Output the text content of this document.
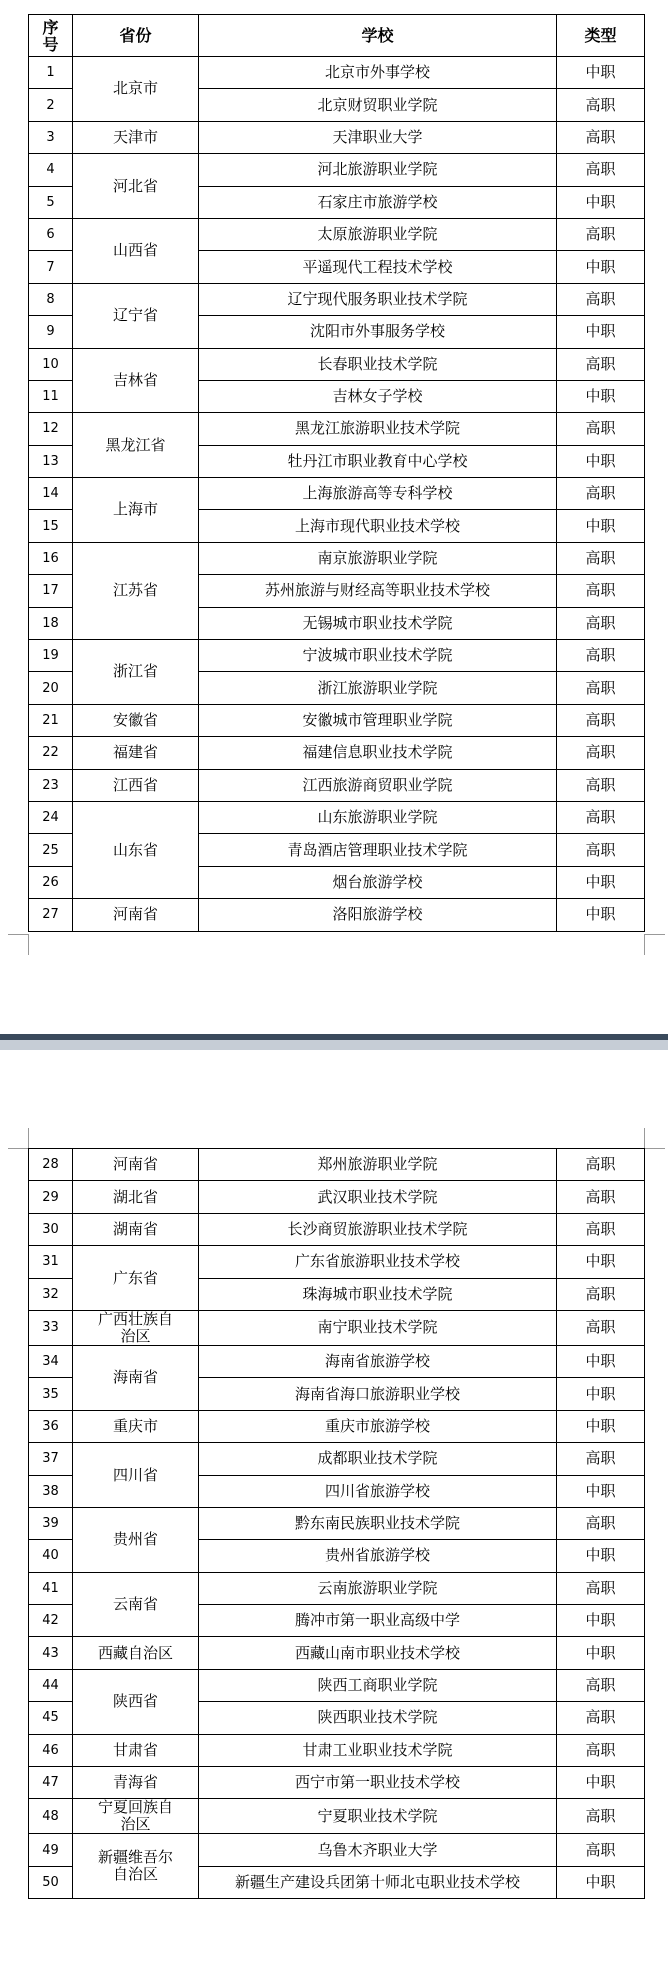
序号	省份	学校	类型
1	北京市	北京市外事学校	中职
2		北京财贸职业学院	高职
3	天津市	天津职业大学	高职
4	河北省	河北旅游职业学院	高职
5		石家庄市旅游学校	中职
6	山西省	太原旅游职业学院	高职
7		平遥现代工程技术学校	中职
8	辽宁省	辽宁现代服务职业技术学院	高职
9		沈阳市外事服务学校	中职
10	吉林省	长春职业技术学院	高职
11		吉林女子学校	中职
12	黑龙江省	黑龙江旅游职业技术学院	高职
13		牡丹江市职业教育中心学校	中职
14	上海市	上海旅游高等专科学校	高职
15		上海市现代职业技术学校	中职
16	江苏省	南京旅游职业学院	高职
17		苏州旅游与财经高等职业技术学校	高职
18		无锡城市职业技术学院	高职
19	浙江省	宁波城市职业技术学院	高职
20		浙江旅游职业学院	高职
21	安徽省	安徽城市管理职业学院	高职
22	福建省	福建信息职业技术学院	高职
23	江西省	江西旅游商贸职业学院	高职
24	山东省	山东旅游职业学院	高职
25		青岛酒店管理职业技术学院	高职
26		烟台旅游学校	中职
27	河南省	洛阳旅游学校	中职
28	河南省	郑州旅游职业学院	高职
29	湖北省	武汉职业技术学院	高职
30	湖南省	长沙商贸旅游职业技术学院	高职
31	广东省	广东省旅游职业技术学校	中职
32		珠海城市职业技术学院	高职
33	广西壮族自治区	南宁职业技术学院	高职
34	海南省	海南省旅游学校	中职
35		海南省海口旅游职业学校	中职
36	重庆市	重庆市旅游学校	中职
37	四川省	成都职业技术学院	高职
38		四川省旅游学校	中职
39	贵州省	黔东南民族职业技术学院	高职
40		贵州省旅游学校	中职
41	云南省	云南旅游职业学院	高职
42		腾冲市第一职业高级中学	中职
43	西藏自治区	西藏山南市职业技术学校	中职
44	陕西省	陕西工商职业学院	高职
45		陕西职业技术学院	高职
46	甘肃省	甘肃工业职业技术学院	高职
47	青海省	西宁市第一职业技术学校	中职
48	宁夏回族自治区	宁夏职业技术学院	高职
49	新疆维吾尔自治区	乌鲁木齐职业大学	高职
50		新疆生产建设兵团第十师北屯职业技术学校	中职
